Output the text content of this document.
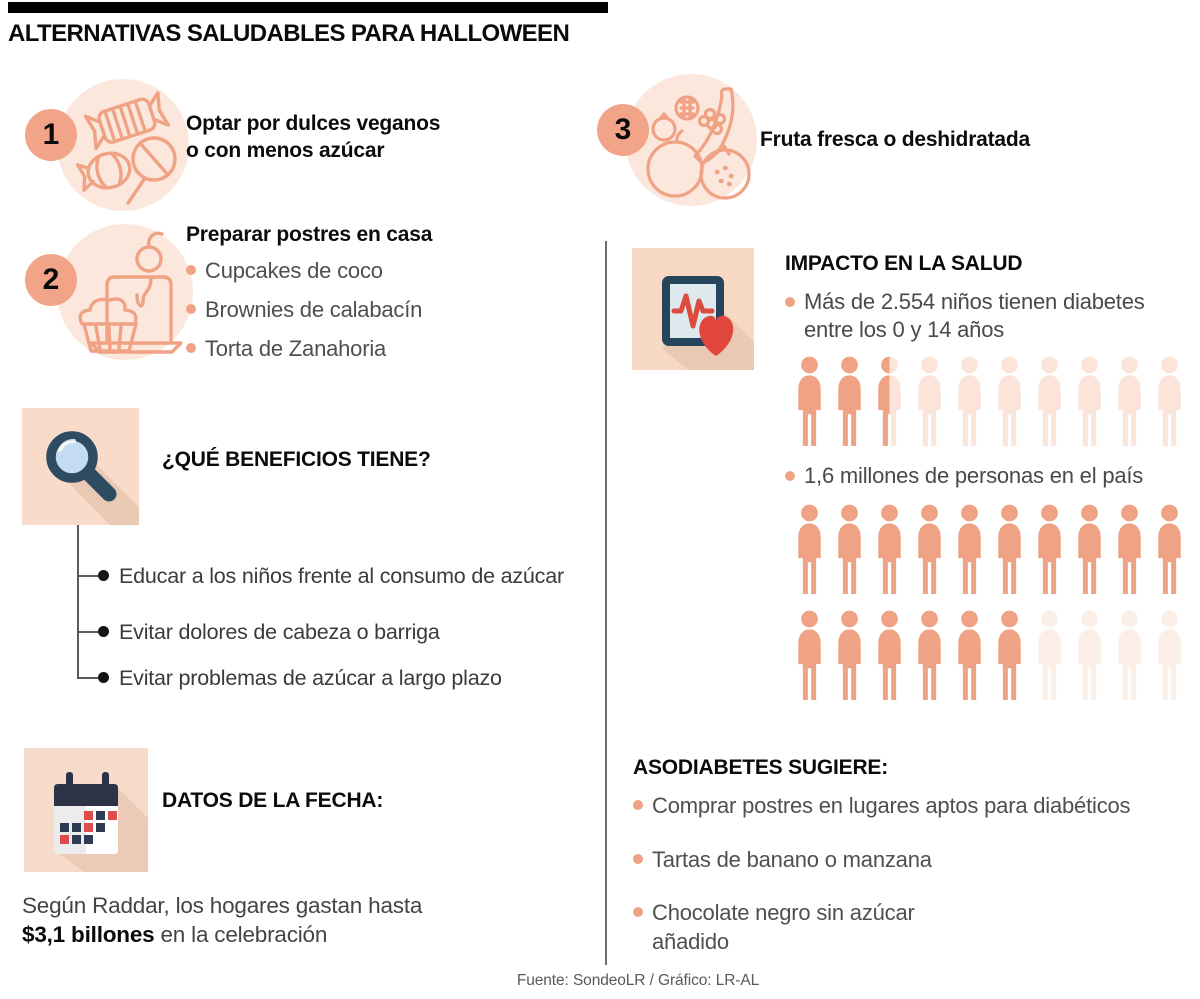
ALTERNATIVAS SALUDABLES PARA HALLOWEEN
1	Optar por dulces veganos
o con menos azúcar
2
Preparar postres en casa
Cupcakes de coco
Brownies de calabacín
Torta de Zanahoria
3	Fruta fresca o deshidratada
¿QUÉ BENEFICIOS TIENE?
Educar a los niños frente al consumo de azúcar
Evitar dolores de cabeza o barriga
Evitar problemas de azúcar a largo plazo
DATOS DE LA FECHA:
Según Raddar, los hogares gastan hasta
$3,1 billones en la celebración
IMPACTO EN LA SALUD
Más de 2.554 niños tienen diabetes
entre los 0 y 14 años
1,6 millones de personas en el país
ASODIABETES SUGIERE:
Comprar postres en lugares aptos para diabéticos
Tartas de banano o manzana
Chocolate negro sin azúcar añadido
Fuente: SondeoLR / Gráfico: LR-AL
